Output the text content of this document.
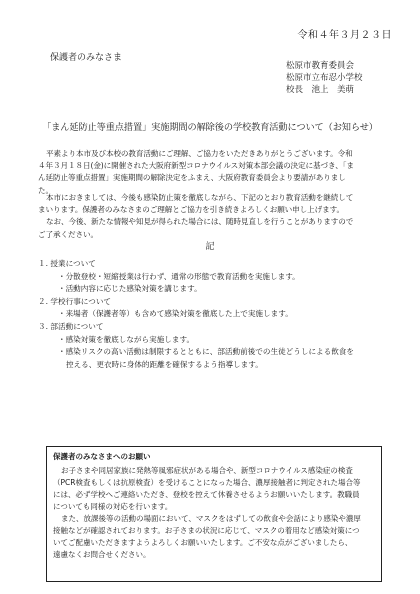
令和４年３月２３日
保護者のみなさま
松原市教育委員会
松原市立布忍小学校
校長　池上　美萌
「まん延防止等重点措置」実施期間の解除後の学校教育活動について（お知らせ）

平素より本市及び本校の教育活動にご理解、ご協力をいただきありがとうございます。令和

４年３月１８日(金)に開催された大阪府新型コロナウイルス対策本部会議の決定に基づき、「ま

ん延防止等重点措置」実施期間の解除決定をふまえ、大阪府教育委員会より要請がありまし

た。

本市におきましては、今後も感染防止策を徹底しながら、下記のとおり教育活動を継続して

まいります。保護者のみなさまのご理解とご協力を引き続きよろしくお願い申し上げます。

なお、今後、新たな情報や知見が得られた場合には、随時見直しを行うことがありますので

ご了承ください。

記

１. 授業について

・分散登校・短縮授業は行わず、通常の形態で教育活動を実施します。

・活動内容に応じた感染対策を講じます。

２. 学校行事について

・来場者（保護者等）も含めて感染対策を徹底した上で実施します。

３. 部活動について

・感染対策を徹底しながら実施します。

・感染リスクの高い活動は制限するとともに、部活動前後での生徒どうしによる飲食を

控える、更衣時に身体的距離を確保するよう指導します。

保護者のみなさまへのお願い

お子さまや同居家族に発熱等風邪症状がある場合や、新型コロナウイルス感染症の検査

（PCR検査もしくは抗原検査）を受けることになった場合、濃厚接触者に判定された場合等

には、必ず学校へご連絡いただき、登校を控えて休養させるようお願いいたします。教職員

についても同様の対応を行います。

また、放課後等の活動の場面において、マスクをはずしての飲食や会話により感染や濃厚

接触などが確認されております。お子さまの状況に応じて、マスクの着用など感染対策につ

いてご配慮いただきますようよろしくお願いいたします。ご不安な点がございましたら、

遠慮なくお問合せください。
